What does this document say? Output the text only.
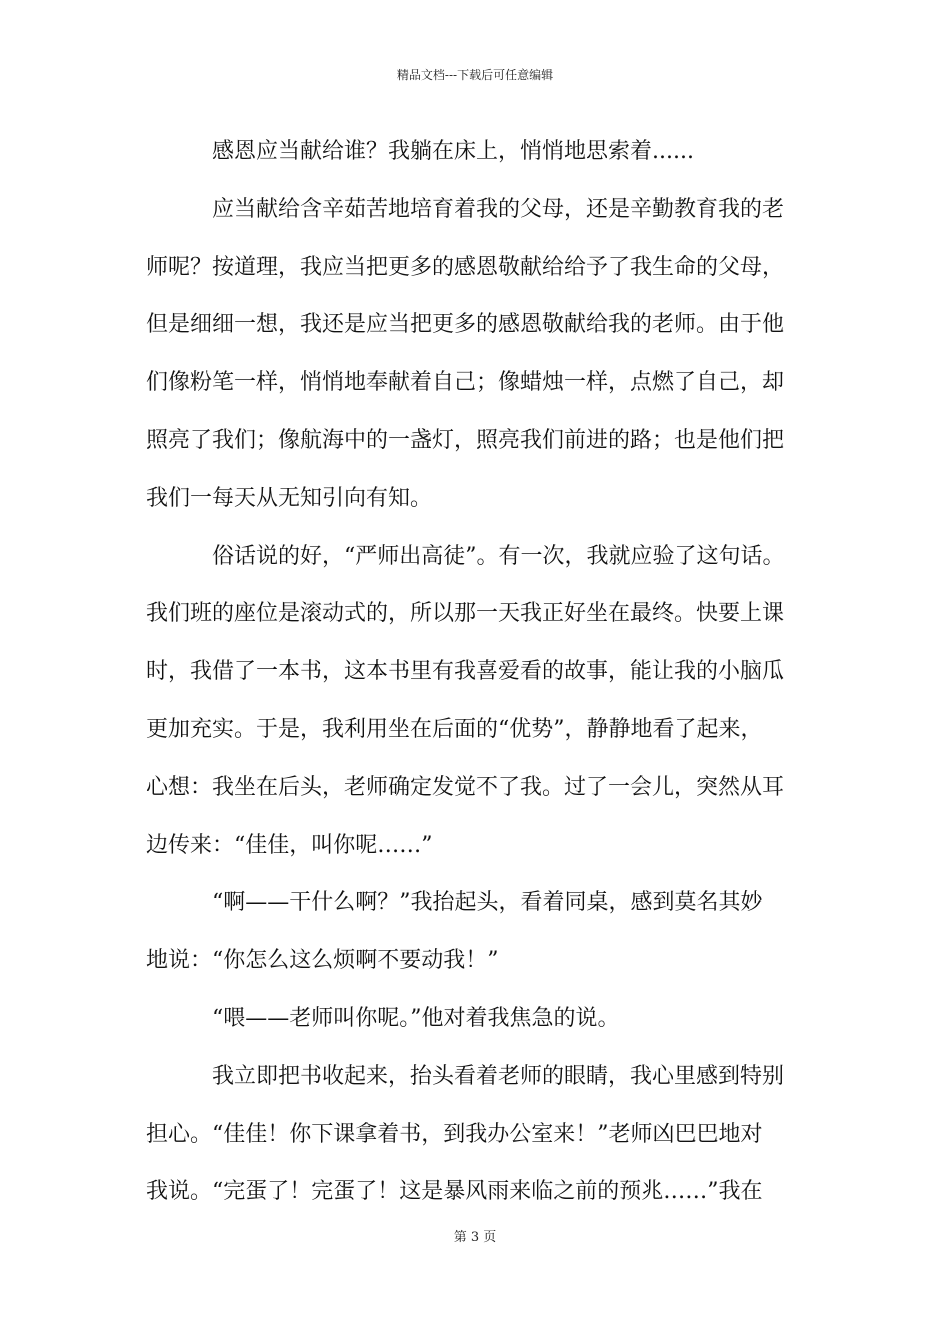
精品文档---下载后可任意编辑
感恩应当献给谁？我躺在床上，悄悄地思索着......
应当献给含辛茹苦地培育着我的父母，还是辛勤教育我的老
师呢？按道理，我应当把更多的感恩敬献给给予了我生命的父母，
但是细细一想，我还是应当把更多的感恩敬献给我的老师。由于他
们像粉笔一样，悄悄地奉献着自己；像蜡烛一样，点燃了自己，却
照亮了我们；像航海中的一盏灯，照亮我们前进的路；也是他们把
我们一每天从无知引向有知。
俗话说的好，“严师出高徒”。有一次，我就应验了这句话。
我们班的座位是滚动式的，所以那一天我正好坐在最终。快要上课
时，我借了一本书，这本书里有我喜爱看的故事，能让我的小脑瓜
更加充实。于是，我利用坐在后面的“优势”，静静地看了起来，
心想：我坐在后头，老师确定发觉不了我。过了一会儿，突然从耳
边传来：“佳佳，叫你呢……”
“啊——干什么啊？”我抬起头，看着同桌，感到莫名其妙
地说：“你怎么这么烦啊不要动我！”
“喂——老师叫你呢。”他对着我焦急的说。
我立即把书收起来，抬头看着老师的眼睛，我心里感到特别
担心。“佳佳！你下课拿着书，到我办公室来！”老师凶巴巴地对
我说。“完蛋了！完蛋了！这是暴风雨来临之前的预兆……”我在
第 3 页
